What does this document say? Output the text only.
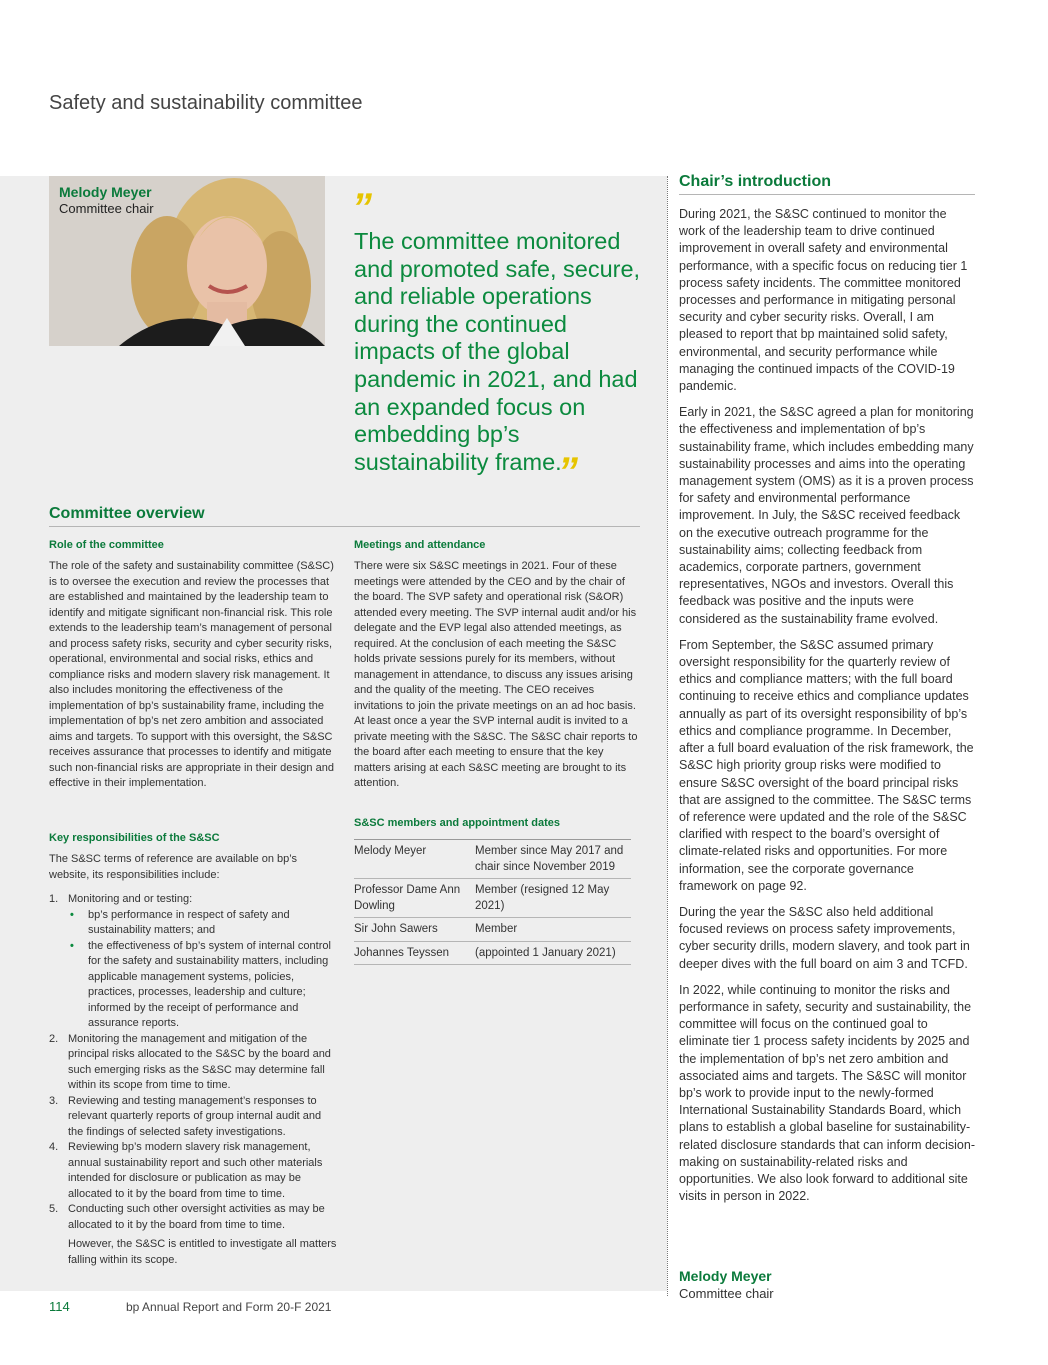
Safety and sustainability committee
Melody Meyer
Committee chair	”
The committee monitored and promoted safe, secure, and reliable operations during the continued impacts of the global pandemic in 2021, and had an expanded focus on embedding bp’s sustainability frame.
”
Committee overview
Role of the committee

The role of the safety and sustainability committee (S&SC) is to oversee the execution and review the processes that are established and maintained by the leadership team to identify and mitigate significant non-financial risk. This role extends to the leadership team’s management of personal and process safety risks, security and cyber security risks, operational, environmental and social risks, ethics and compliance risks and modern slavery risk management. It also includes monitoring the effectiveness of the implementation of bp’s sustainability frame, including the implementation of bp’s net zero ambition and associated aims and targets. To support with this oversight, the S&SC receives assurance that processes to identify and mitigate such non-financial risks are appropriate in their design and effective in their implementation.

Key responsibilities of the S&SC

The S&SC terms of reference are available on bp’s website, its responsibilities include:

1. Monitoring and or testing:
• bp’s performance in respect of safety and sustainability matters; and
• the effectiveness of bp’s system of internal control for the safety and sustainability matters, including applicable management systems, policies, practices, processes, leadership and culture; informed by the receipt of performance and assurance reports.
2. Monitoring the management and mitigation of the principal risks allocated to the S&SC by the board and such emerging risks as the S&SC may determine fall within its scope from time to time.
3. Reviewing and testing management’s responses to relevant quarterly reports of group internal audit and the findings of selected safety investigations.
4. Reviewing bp’s modern slavery risk management, annual sustainability report and such other materials intended for disclosure or publication as may be allocated to it by the board from time to time.
5. Conducting such other oversight activities as may be allocated to it by the board from time to time.
However, the S&SC is entitled to investigate all matters falling within its scope.
Meetings and attendance

There were six S&SC meetings in 2021. Four of these meetings were attended by the CEO and by the chair of the board. The SVP safety and operational risk (S&OR) attended every meeting. The SVP internal audit and/or his delegate and the EVP legal also attended meetings, as required. At the conclusion of each meeting the S&SC holds private sessions purely for its members, without management in attendance, to discuss any issues arising and the quality of the meeting. The CEO receives invitations to join the private meetings on an ad hoc basis. At least once a year the SVP internal audit is invited to a private meeting with the S&SC. The S&SC chair reports to the board after each meeting to ensure that the key matters arising at each S&SC meeting are brought to its attention.

S&SC members and appointment dates
Melody Meyer	Member since May 2017 and chair since November 2019
Professor Dame Ann Dowling	Member (resigned 12 May 2021)
Sir John Sawers	Member
Johannes Teyssen	(appointed 1 January 2021)
Chair’s introduction

During 2021, the S&SC continued to monitor the work of the leadership team to drive continued improvement in overall safety and environmental performance, with a specific focus on reducing tier 1 process safety incidents. The committee monitored processes and performance in mitigating personal security and cyber security risks. Overall, I am pleased to report that bp maintained solid safety, environmental, and security performance while managing the continued impacts of the COVID-19 pandemic.

Early in 2021, the S&SC agreed a plan for monitoring the effectiveness and implementation of bp’s sustainability frame, which includes embedding many sustainability processes and aims into the operating management system (OMS) as it is a proven process for safety and environmental performance improvement. In July, the S&SC received feedback on the executive outreach programme for the sustainability aims; collecting feedback from academics, corporate partners, government representatives, NGOs and investors. Overall this feedback was positive and the inputs were considered as the sustainability frame evolved.

From September, the S&SC assumed primary oversight responsibility for the quarterly review of ethics and compliance matters; with the full board continuing to receive ethics and compliance updates annually as part of its oversight responsibility of bp’s ethics and compliance programme. In December, after a full board evaluation of the risk framework, the S&SC high priority group risks were modified to ensure S&SC oversight of the board principal risks that are assigned to the committee. The S&SC terms of reference were updated and the role of the S&SC clarified with respect to the board’s oversight of climate-related risks and opportunities. For more information, see the corporate governance framework on page 92.

During the year the S&SC also held additional focused reviews on process safety improvements, cyber security drills, modern slavery, and took part in deeper dives with the full board on aim 3 and TCFD.

In 2022, while continuing to monitor the risks and performance in safety, security and sustainability, the committee will focus on the continued goal to eliminate tier 1 process safety incidents by 2025 and the implementation of bp’s net zero ambition and associated aims and targets. The S&SC will monitor bp’s work to provide input to the newly-formed International Sustainability Standards Board, which plans to establish a global baseline for sustainability-related disclosure standards that can inform decision-making on sustainability-related risks and opportunities. We also look forward to additional site visits in person in 2022.

Melody Meyer
Committee chair
114	bp Annual Report and Form 20-F 2021
